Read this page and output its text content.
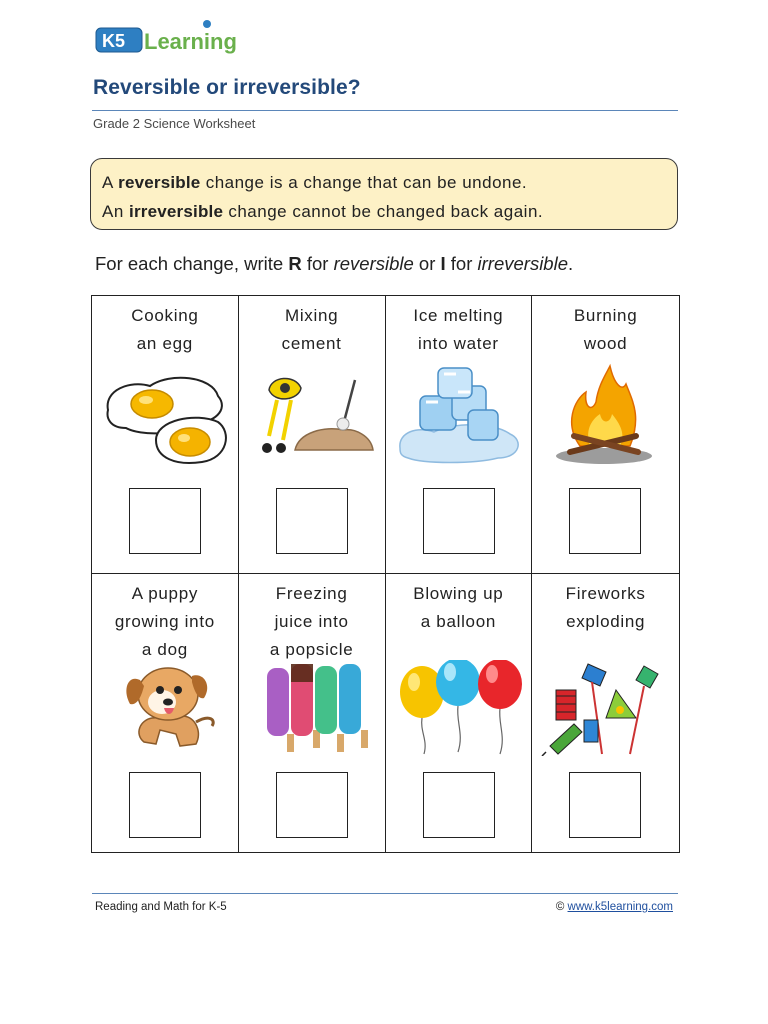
K5 Learning
Reversible or irreversible?
Grade 2 Science Worksheet
A reversible change is a change that can be undone.
An irreversible change cannot be changed back again.
For each change, write R for reversible or I for irreversible.
Cooking
an egg
Mixing
cement
Ice melting
into water
Burning
wood
A puppy
growing into
a dog
Freezing
juice into
a popsicle
Blowing up
a balloon
Fireworks
exploding
Reading and Math for K-5	© www.k5learning.com
